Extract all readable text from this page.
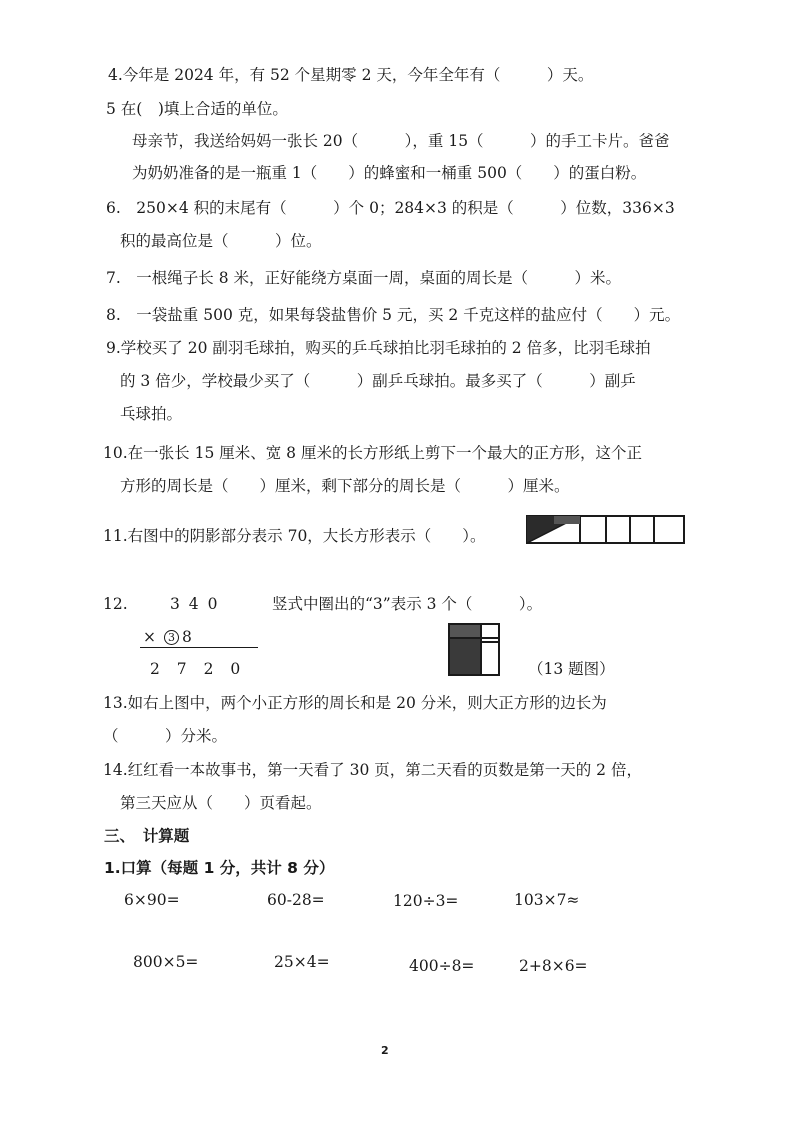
4.今年是 2024 年，有 52 个星期零 2 天，今年全年有（　　　）天。
5 在(　)填上合适的单位。
母亲节，我送给妈妈一张长 20（　　　），重 15（　　　）的手工卡片。爸爸
为奶奶准备的是一瓶重 1（　　）的蜂蜜和一桶重 500（　　）的蛋白粉。
6.　250×4 积的末尾有（　　　）个 0；284×3 的积是（　　　）位数，336×3
积的最高位是（　　　）位。
7.　一根绳子长 8 米，正好能绕方桌面一周，桌面的周长是（　　　）米。
8.　一袋盐重 500 克，如果每袋盐售价 5 元，买 2 千克这样的盐应付（　　）元。
9.学校买了 20 副羽毛球拍，购买的乒乓球拍比羽毛球拍的 2 倍多，比羽毛球拍
的 3 倍少，学校最少买了（　　　）副乒乓球拍。最多买了（　　　）副乒
乓球拍。
10.在一张长 15 厘米、宽 8 厘米的长方形纸上剪下一个最大的正方形，这个正
方形的周长是（　　）厘米，剩下部分的周长是（　　　）厘米。
11.右图中的阴影部分表示 70，大长方形表示（　　）。
12.	3 4 0	竖式中圈出的“3”表示 3 个（　　　）。
× 3 8
2 7 2 0	（13 题图）
13.如右上图中，两个小正方形的周长和是 20 分米，则大正方形的边长为
（　　　）分米。
14.红红看一本故事书，第一天看了 30 页，第二天看的页数是第一天的 2 倍，
第三天应从（　　）页看起。
三、　计算题
1.口算（每题 1 分，共计 8 分）
6×90=	60-28=	120÷3=	103×7≈
800×5=	25×4=	400÷8=	2+8×6=
2
